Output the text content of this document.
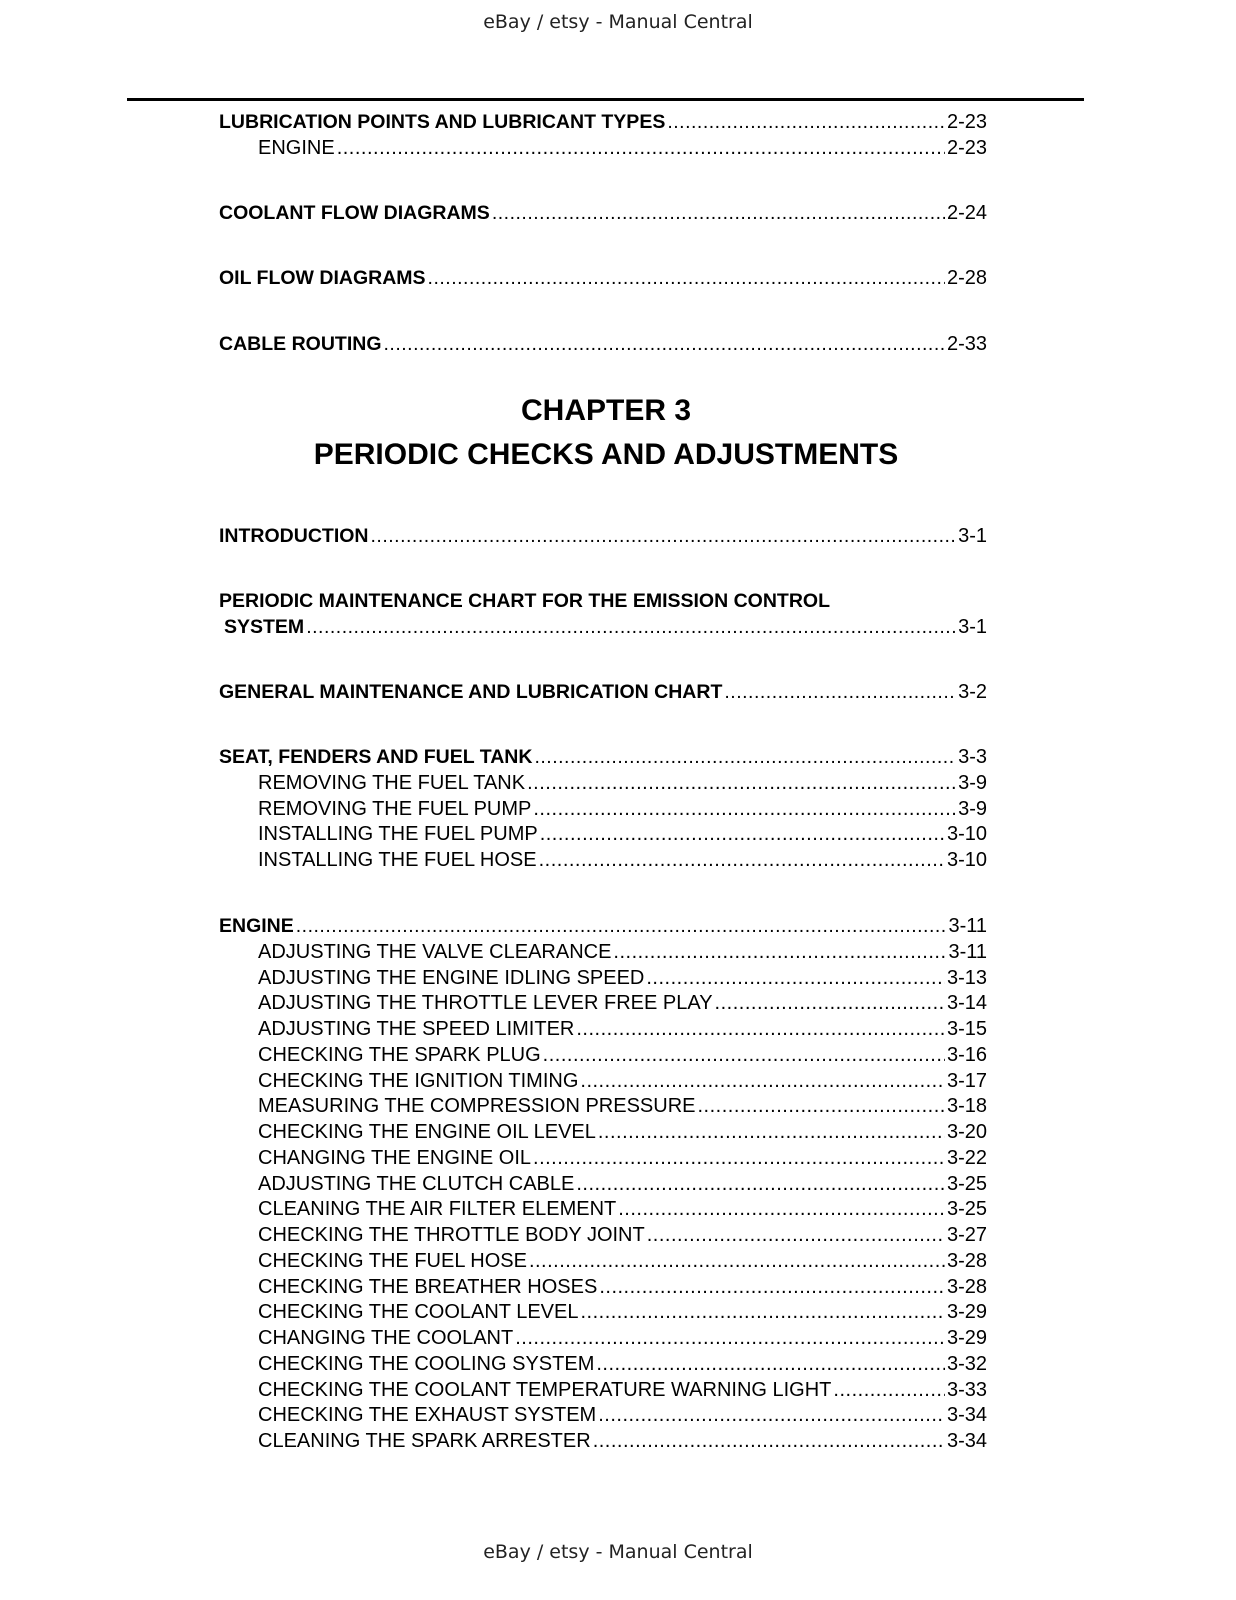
eBay / etsy - Manual Central
CHAPTER 3
PERIODIC CHECKS AND ADJUSTMENTS
LUBRICATION POINTS AND LUBRICANT TYPES .....	2-23
ENGINE .....	2-23
COOLANT FLOW DIAGRAMS .....	2-24
OIL FLOW DIAGRAMS .....	2-28
CABLE ROUTING .....	2-33
INTRODUCTION .....	3-1
PERIODIC MAINTENANCE CHART FOR THE EMISSION CONTROL
SYSTEM .....	3-1
GENERAL MAINTENANCE AND LUBRICATION CHART .....	3-2
SEAT, FENDERS AND FUEL TANK .....	3-3
REMOVING THE FUEL TANK .....	3-9
REMOVING THE FUEL PUMP .....	3-9
INSTALLING THE FUEL PUMP .....	3-10
INSTALLING THE FUEL HOSE .....	3-10
ENGINE .....	3-11
ADJUSTING THE VALVE CLEARANCE .....	3-11
ADJUSTING THE ENGINE IDLING SPEED .....	3-13
ADJUSTING THE THROTTLE LEVER FREE PLAY .....	3-14
ADJUSTING THE SPEED LIMITER .....	3-15
CHECKING THE SPARK PLUG .....	3-16
CHECKING THE IGNITION TIMING .....	3-17
MEASURING THE COMPRESSION PRESSURE .....	3-18
CHECKING THE ENGINE OIL LEVEL .....	3-20
CHANGING THE ENGINE OIL .....	3-22
ADJUSTING THE CLUTCH CABLE .....	3-25
CLEANING THE AIR FILTER ELEMENT .....	3-25
CHECKING THE THROTTLE BODY JOINT .....	3-27
CHECKING THE FUEL HOSE .....	3-28
CHECKING THE BREATHER HOSES .....	3-28
CHECKING THE COOLANT LEVEL .....	3-29
CHANGING THE COOLANT .....	3-29
CHECKING THE COOLING SYSTEM .....	3-32
CHECKING THE COOLANT TEMPERATURE WARNING LIGHT .....	3-33
CHECKING THE EXHAUST SYSTEM .....	3-34
CLEANING THE SPARK ARRESTER .....	3-34
eBay / etsy - Manual Central
